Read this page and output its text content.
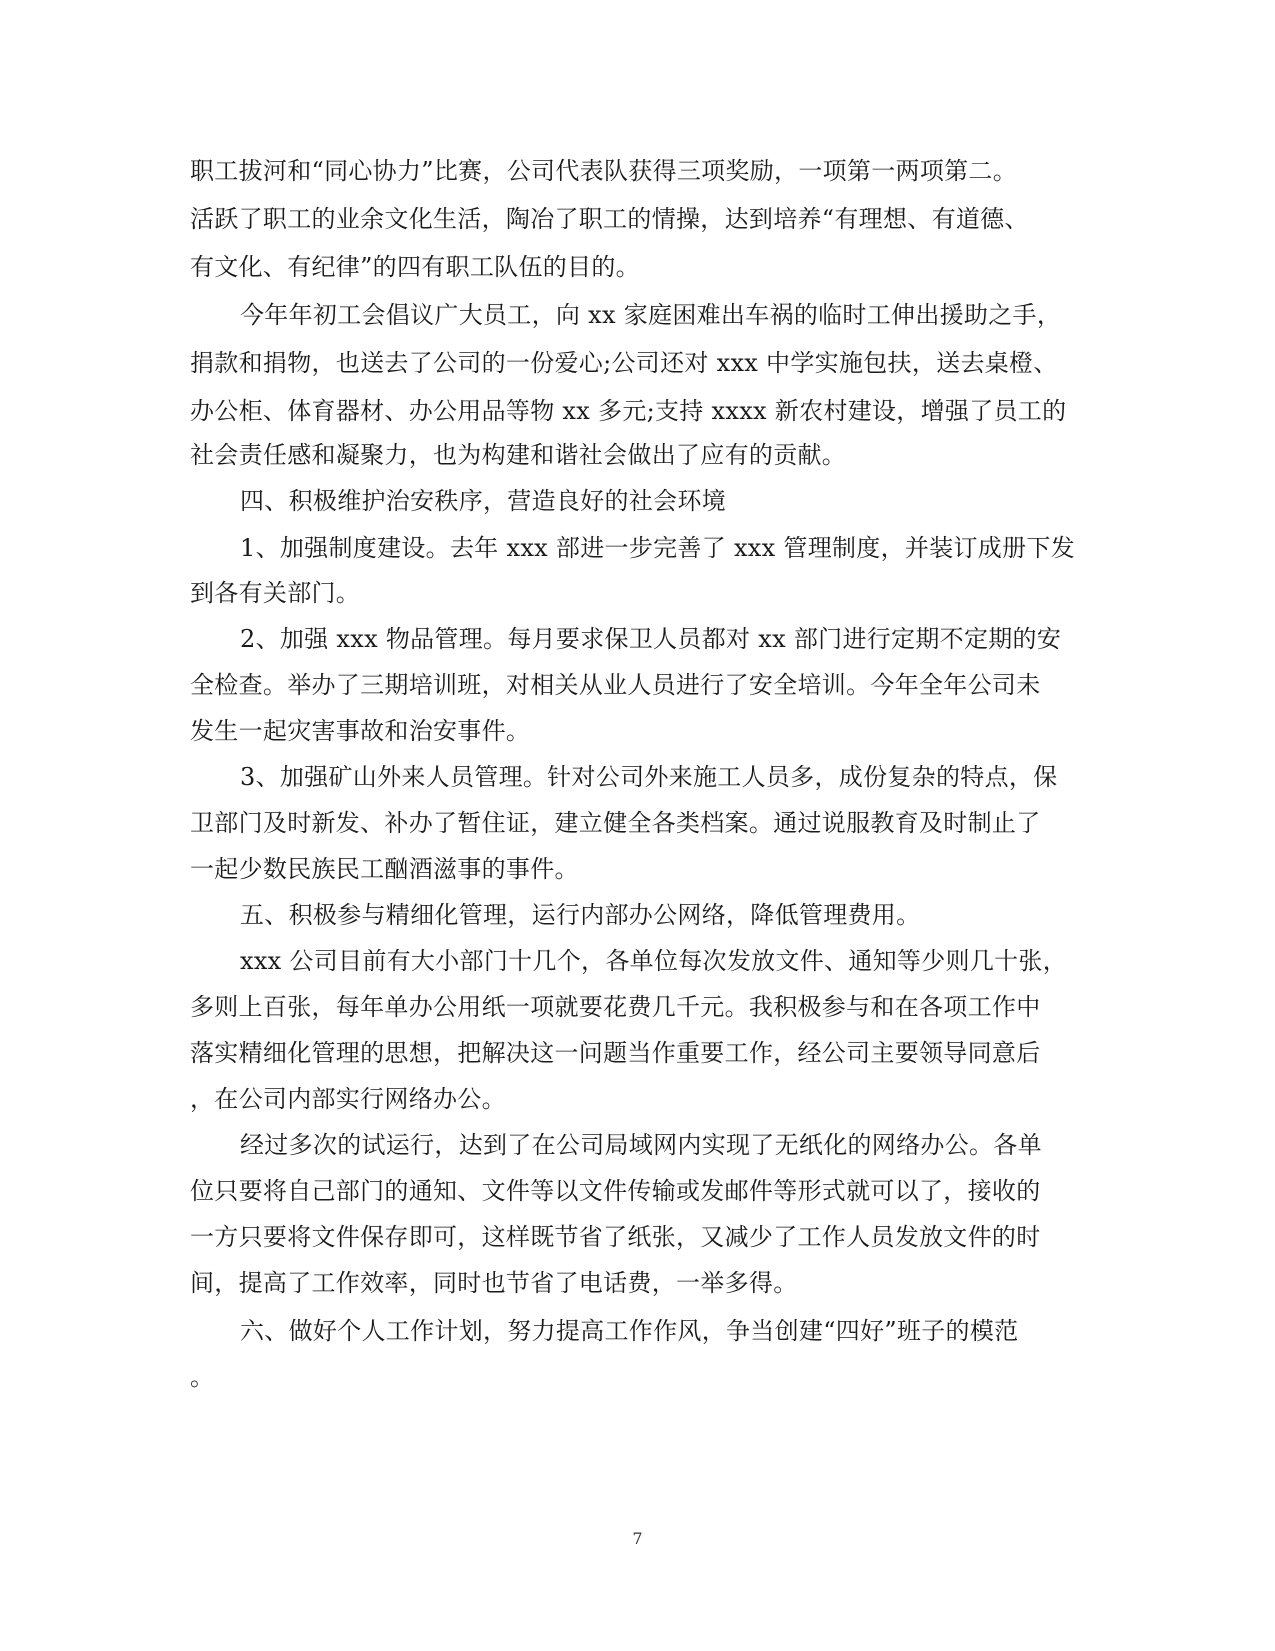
职工拔河和“同心协力”比赛，公司代表队获得三项奖励，一项第一两项第二。
活跃了职工的业余文化生活，陶冶了职工的情操，达到培养“有理想、有道德、
有文化、有纪律”的四有职工队伍的目的。
今年年初工会倡议广大员工，向 xx 家庭困难出车祸的临时工伸出援助之手，
捐款和捐物，也送去了公司的一份爱心;公司还对 xxx 中学实施包扶，送去桌橙、
办公柜、体育器材、办公用品等物 xx 多元;支持 xxxx 新农村建设，增强了员工的
社会责任感和凝聚力，也为构建和谐社会做出了应有的贡献。
四、积极维护治安秩序，营造良好的社会环境
1、加强制度建设。去年 xxx 部进一步完善了 xxx 管理制度，并装订成册下发
到各有关部门。
2、加强 xxx 物品管理。每月要求保卫人员都对 xx 部门进行定期不定期的安
全检查。举办了三期培训班，对相关从业人员进行了安全培训。今年全年公司未
发生一起灾害事故和治安事件。
3、加强矿山外来人员管理。针对公司外来施工人员多，成份复杂的特点，保
卫部门及时新发、补办了暂住证，建立健全各类档案。通过说服教育及时制止了
一起少数民族民工酗酒滋事的事件。
五、积极参与精细化管理，运行内部办公网络，降低管理费用。
xxx 公司目前有大小部门十几个，各单位每次发放文件、通知等少则几十张，
多则上百张，每年单办公用纸一项就要花费几千元。我积极参与和在各项工作中
落实精细化管理的思想，把解决这一问题当作重要工作，经公司主要领导同意后
，在公司内部实行网络办公。
经过多次的试运行，达到了在公司局域网内实现了无纸化的网络办公。各单
位只要将自己部门的通知、文件等以文件传输或发邮件等形式就可以了，接收的
一方只要将文件保存即可，这样既节省了纸张，又减少了工作人员发放文件的时
间，提高了工作效率，同时也节省了电话费，一举多得。
六、做好个人工作计划，努力提高工作作风，争当创建“四好”班子的模范
。
7
